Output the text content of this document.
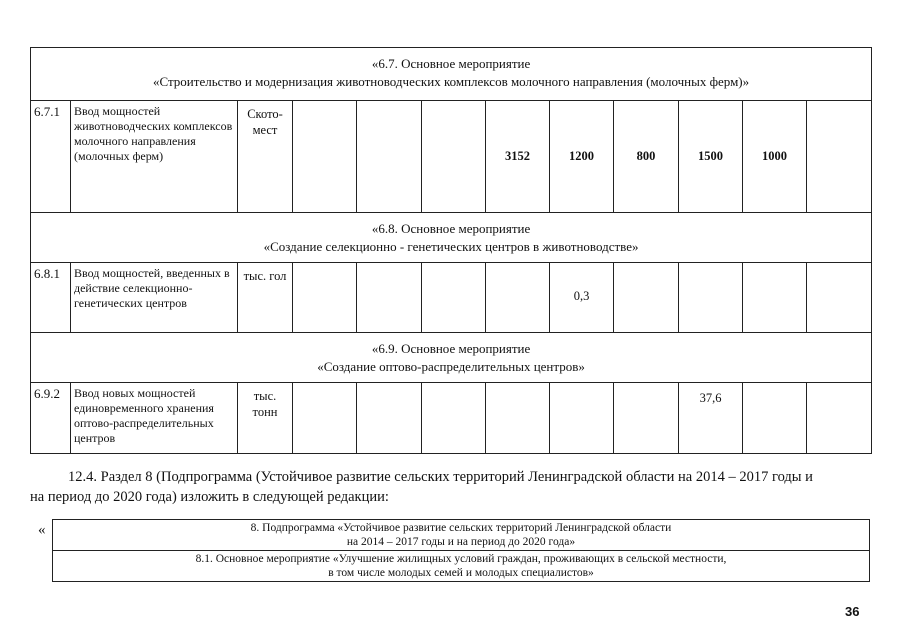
«6.7. Основное мероприятие
«Строительство и модернизация животноводческих комплексов молочного направления (молочных ферм)»											

6.7.1	Ввод мощностей животноводческих комплексов молочного направления (молочных ферм)	Ското-мест				3152	1200	800	1500	1000	

«6.8. Основное мероприятие
«Создание селекционно - генетических центров в животноводстве»											

6.8.1	Ввод мощностей, введенных в действие селекционно-генетических центров	тыс. гол					0,3				

«6.9. Основное мероприятие
«Создание оптово-распределительных центров»											

6.9.2	Ввод новых мощностей единовременного хранения оптово-распределительных центров	тыс. тонн							37,6		
12.4. Раздел 8 (Подпрограмма (Устойчивое развитие сельских территорий Ленинградской области на 2014 – 2017 годы и
на период до 2020 года) изложить в следующей редакции:
«	8. Подпрограмма «Устойчивое развитие сельских территорий Ленинградской области
на 2014 – 2017 годы и на период до 2020 года»

8.1. Основное мероприятие «Улучшение жилищных условий граждан, проживающих в сельской местности,
в том числе молодых семей и молодых специалистов»
36
